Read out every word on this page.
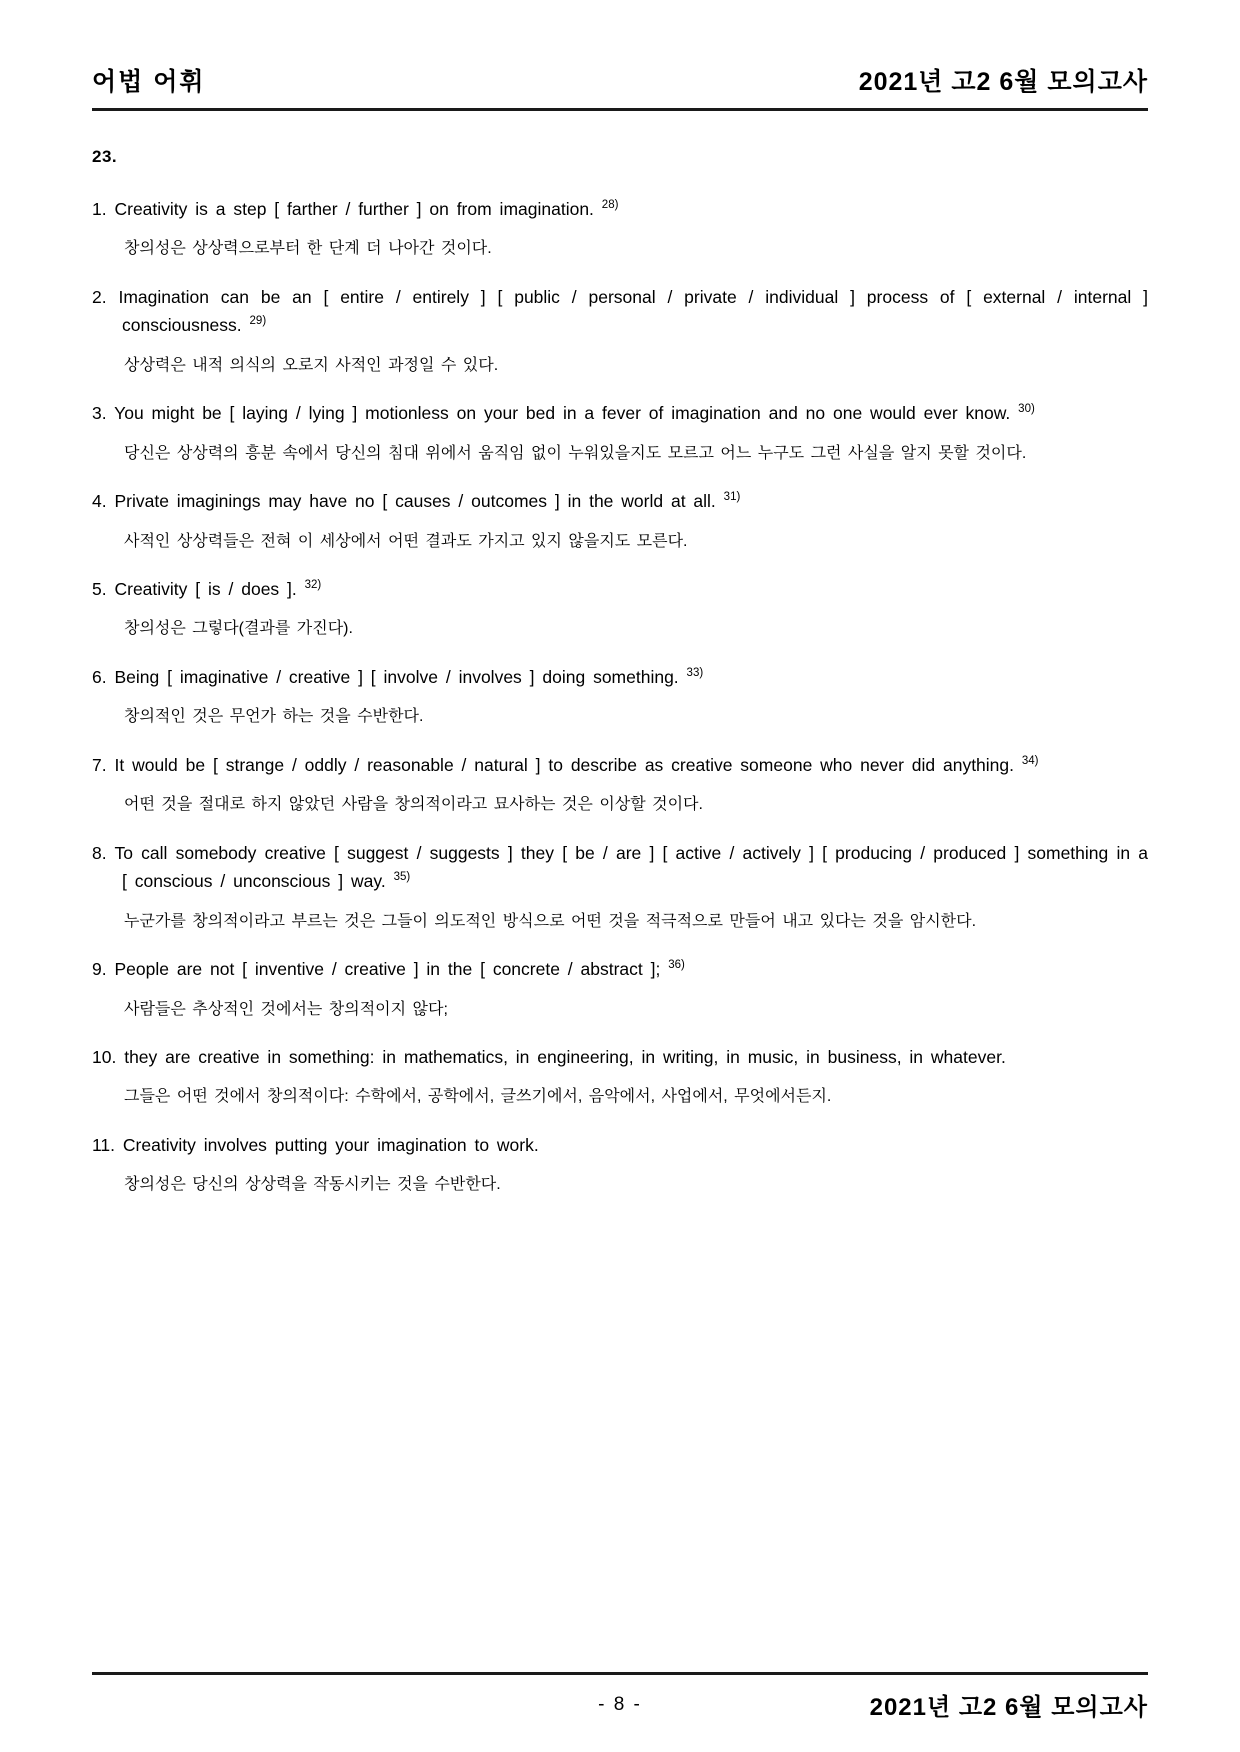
어법 어휘	2021년 고2 6월 모의고사
23.
1. Creativity is a step [ farther / further ] on from imagination. $^{28)}$
창의성은 상상력으로부터 한 단계 더 나아간 것이다.
2. Imagination can be an [ entire / entirely ] [ public / personal / private / individual ] process of [ external / internal ] consciousness. $^{29)}$
상상력은 내적 의식의 오로지 사적인 과정일 수 있다.
3. You might be [ laying / lying ] motionless on your bed in a fever of imagination and no one would ever know. $^{30)}$
당신은 상상력의 흥분 속에서 당신의 침대 위에서 움직임 없이 누워있을지도 모르고 어느 누구도 그런 사실을 알지 못할 것이다.
4. Private imaginings may have no [ causes / outcomes ] in the world at all. $^{31)}$
사적인 상상력들은 전혀 이 세상에서 어떤 결과도 가지고 있지 않을지도 모른다.
5. Creativity [ is / does ]. $^{32)}$
창의성은 그렇다(결과를 가진다).
6. Being [ imaginative / creative ] [ involve / involves ] doing something. $^{33)}$
창의적인 것은 무언가 하는 것을 수반한다.
7. It would be [ strange / oddly / reasonable / natural ] to describe as creative someone who never did anything. $^{34)}$
어떤 것을 절대로 하지 않았던 사람을 창의적이라고 묘사하는 것은 이상할 것이다.
8. To call somebody creative [ suggest / suggests ] they [ be / are ] [ active / actively ] [ producing / produced ] something in a [ conscious / unconscious ] way. $^{35)}$
누군가를 창의적이라고 부르는 것은 그들이 의도적인 방식으로 어떤 것을 적극적으로 만들어 내고 있다는 것을 암시한다.
9. People are not [ inventive / creative ] in the [ concrete / abstract ]; $^{36)}$
사람들은 추상적인 것에서는 창의적이지 않다;
10. they are creative in something: in mathematics, in engineering, in writing, in music, in business, in whatever.
그들은 어떤 것에서 창의적이다: 수학에서, 공학에서, 글쓰기에서, 음악에서, 사업에서, 무엇에서든지.
11. Creativity involves putting your imagination to work.
창의성은 당신의 상상력을 작동시키는 것을 수반한다.
- 8 -	2021년 고2 6월 모의고사
